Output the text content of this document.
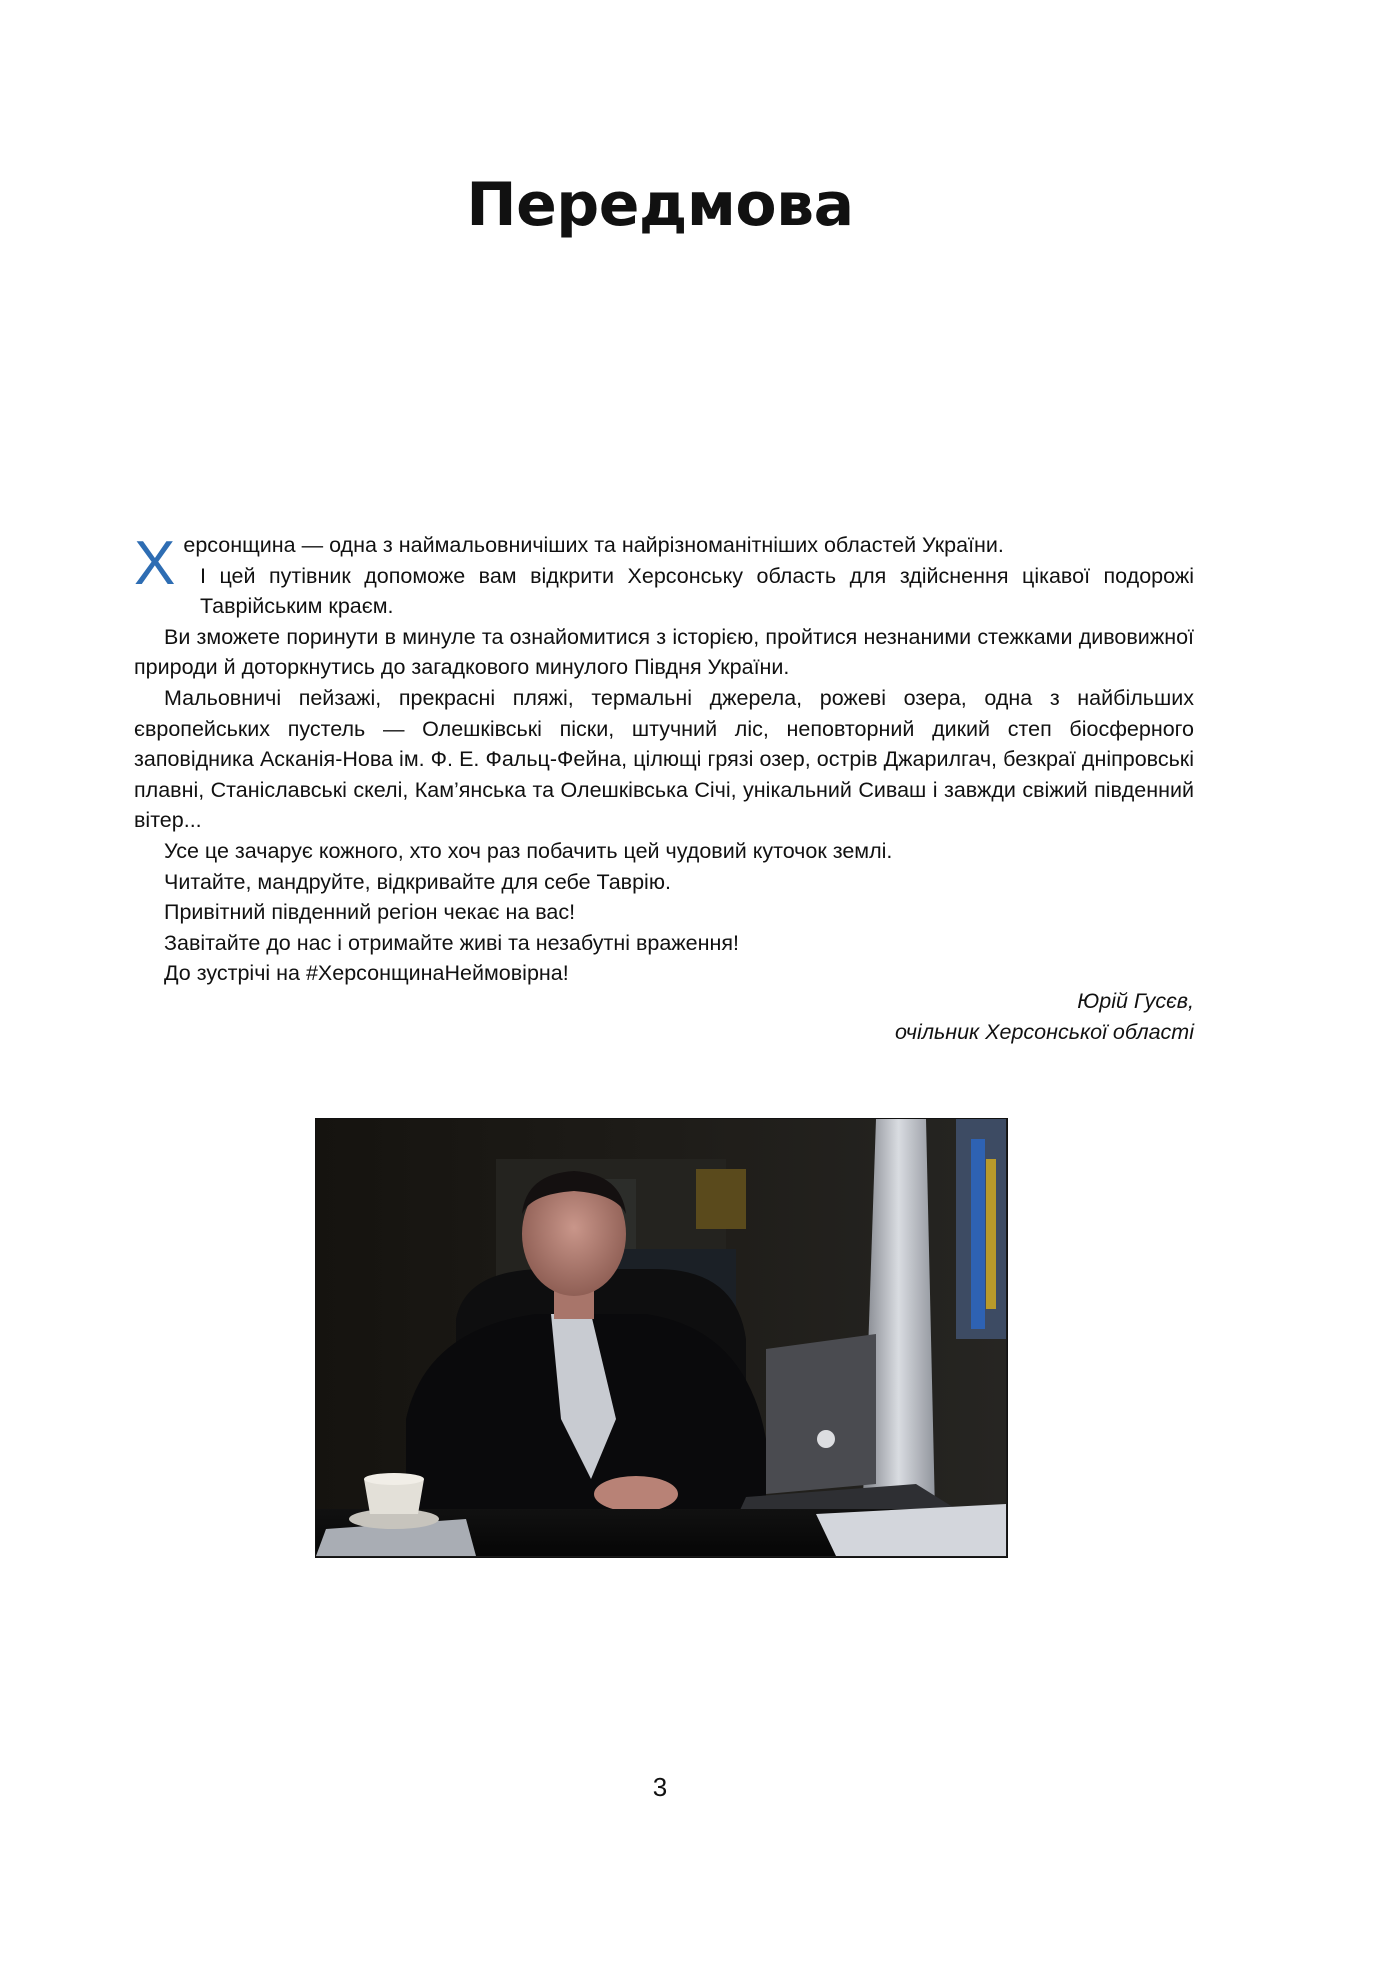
Передмова

Херсонщина — одна з наймальовничіших та найрізноманітніших областей України.

І цей путівник допоможе вам відкрити Херсонську область для здійснення цікавої подорожі Таврійським краєм.

Ви зможете поринути в минуле та ознайомитися з історією, пройтися незнаними стежками дивовижної природи й доторкнутись до загадкового минулого Півдня України.

Мальовничі пейзажі, прекрасні пляжі, термальні джерела, рожеві озера, одна з найбільших європейських пустель — Олешківські піски, штучний ліс, неповторний дикий степ біосферного заповідника Асканія-Нова ім. Ф. Е. Фальц-Фейна, цілющі грязі озер, острів Джарилгач, безкраї дніпровські плавні, Станіславські скелі, Кам’янська та Олешківська Січі, унікальний Сиваш і завжди свіжий південний вітер...

Усе це зачарує кожного, хто хоч раз побачить цей чудовий куточок землі.

Читайте, мандруйте, відкривайте для себе Таврію.

Привітний південний регіон чекає на вас!

Завітайте до нас і отримайте живі та незабутні враження!

До зустрічі на #ХерсонщинаНеймовірна!

Юрій Гусєв,
очільник Херсонської області
3
